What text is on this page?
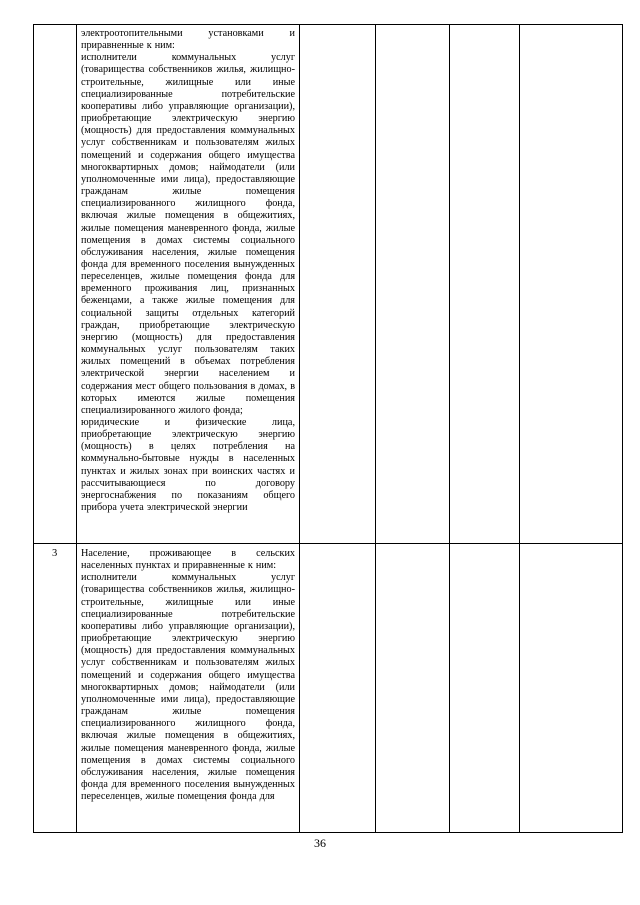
электроотопительными установками и приравненные к ним:

исполнители коммунальных услуг (товарищества собственников жилья, жилищно-строительные, жилищные или иные специализированные потребительские кооперативы либо управляющие организации), приобретающие электрическую энергию (мощность) для предоставления коммунальных услуг собственникам и пользователям жилых помещений и содержания общего имущества многоквартирных домов; наймодатели (или уполномоченные ими лица), предоставляющие гражданам жилые помещения специализированного жилищного фонда, включая жилые помещения в общежитиях, жилые помещения маневренного фонда, жилые помещения в домах системы социального обслуживания населения, жилые помещения фонда для временного поселения вынужденных переселенцев, жилые помещения фонда для временного проживания лиц, признанных беженцами, а также жилые помещения для социальной защиты отдельных категорий граждан, приобретающие электрическую энергию (мощность) для предоставления коммунальных услуг пользователям таких жилых помещений в объемах потребления электрической энергии населением и содержания мест общего пользования в домах, в которых имеются жилые помещения специализированного жилого фонда;

юридические и физические лица, приобретающие электрическую энергию (мощность) в целях потребления на коммунально-бытовые нужды в населенных пунктах и жилых зонах при воинских частях и рассчитывающиеся по договору энергоснабжения по показаниям общего прибора учета электрической энергии

3 Население, проживающее в сельских населенных пунктах и приравненные к ним:

исполнители коммунальных услуг (товарищества собственников жилья, жилищно-строительные, жилищные или иные специализированные потребительские кооперативы либо управляющие организации), приобретающие электрическую энергию (мощность) для предоставления коммунальных услуг собственникам и пользователям жилых помещений и содержания общего имущества многоквартирных домов; наймодатели (или уполномоченные ими лица), предоставляющие гражданам жилые помещения специализированного жилищного фонда, включая жилые помещения в общежитиях, жилые помещения маневренного фонда, жилые помещения в домах системы социального обслуживания населения, жилые помещения фонда для временного поселения вынужденных переселенцев, жилые помещения фонда для

36
